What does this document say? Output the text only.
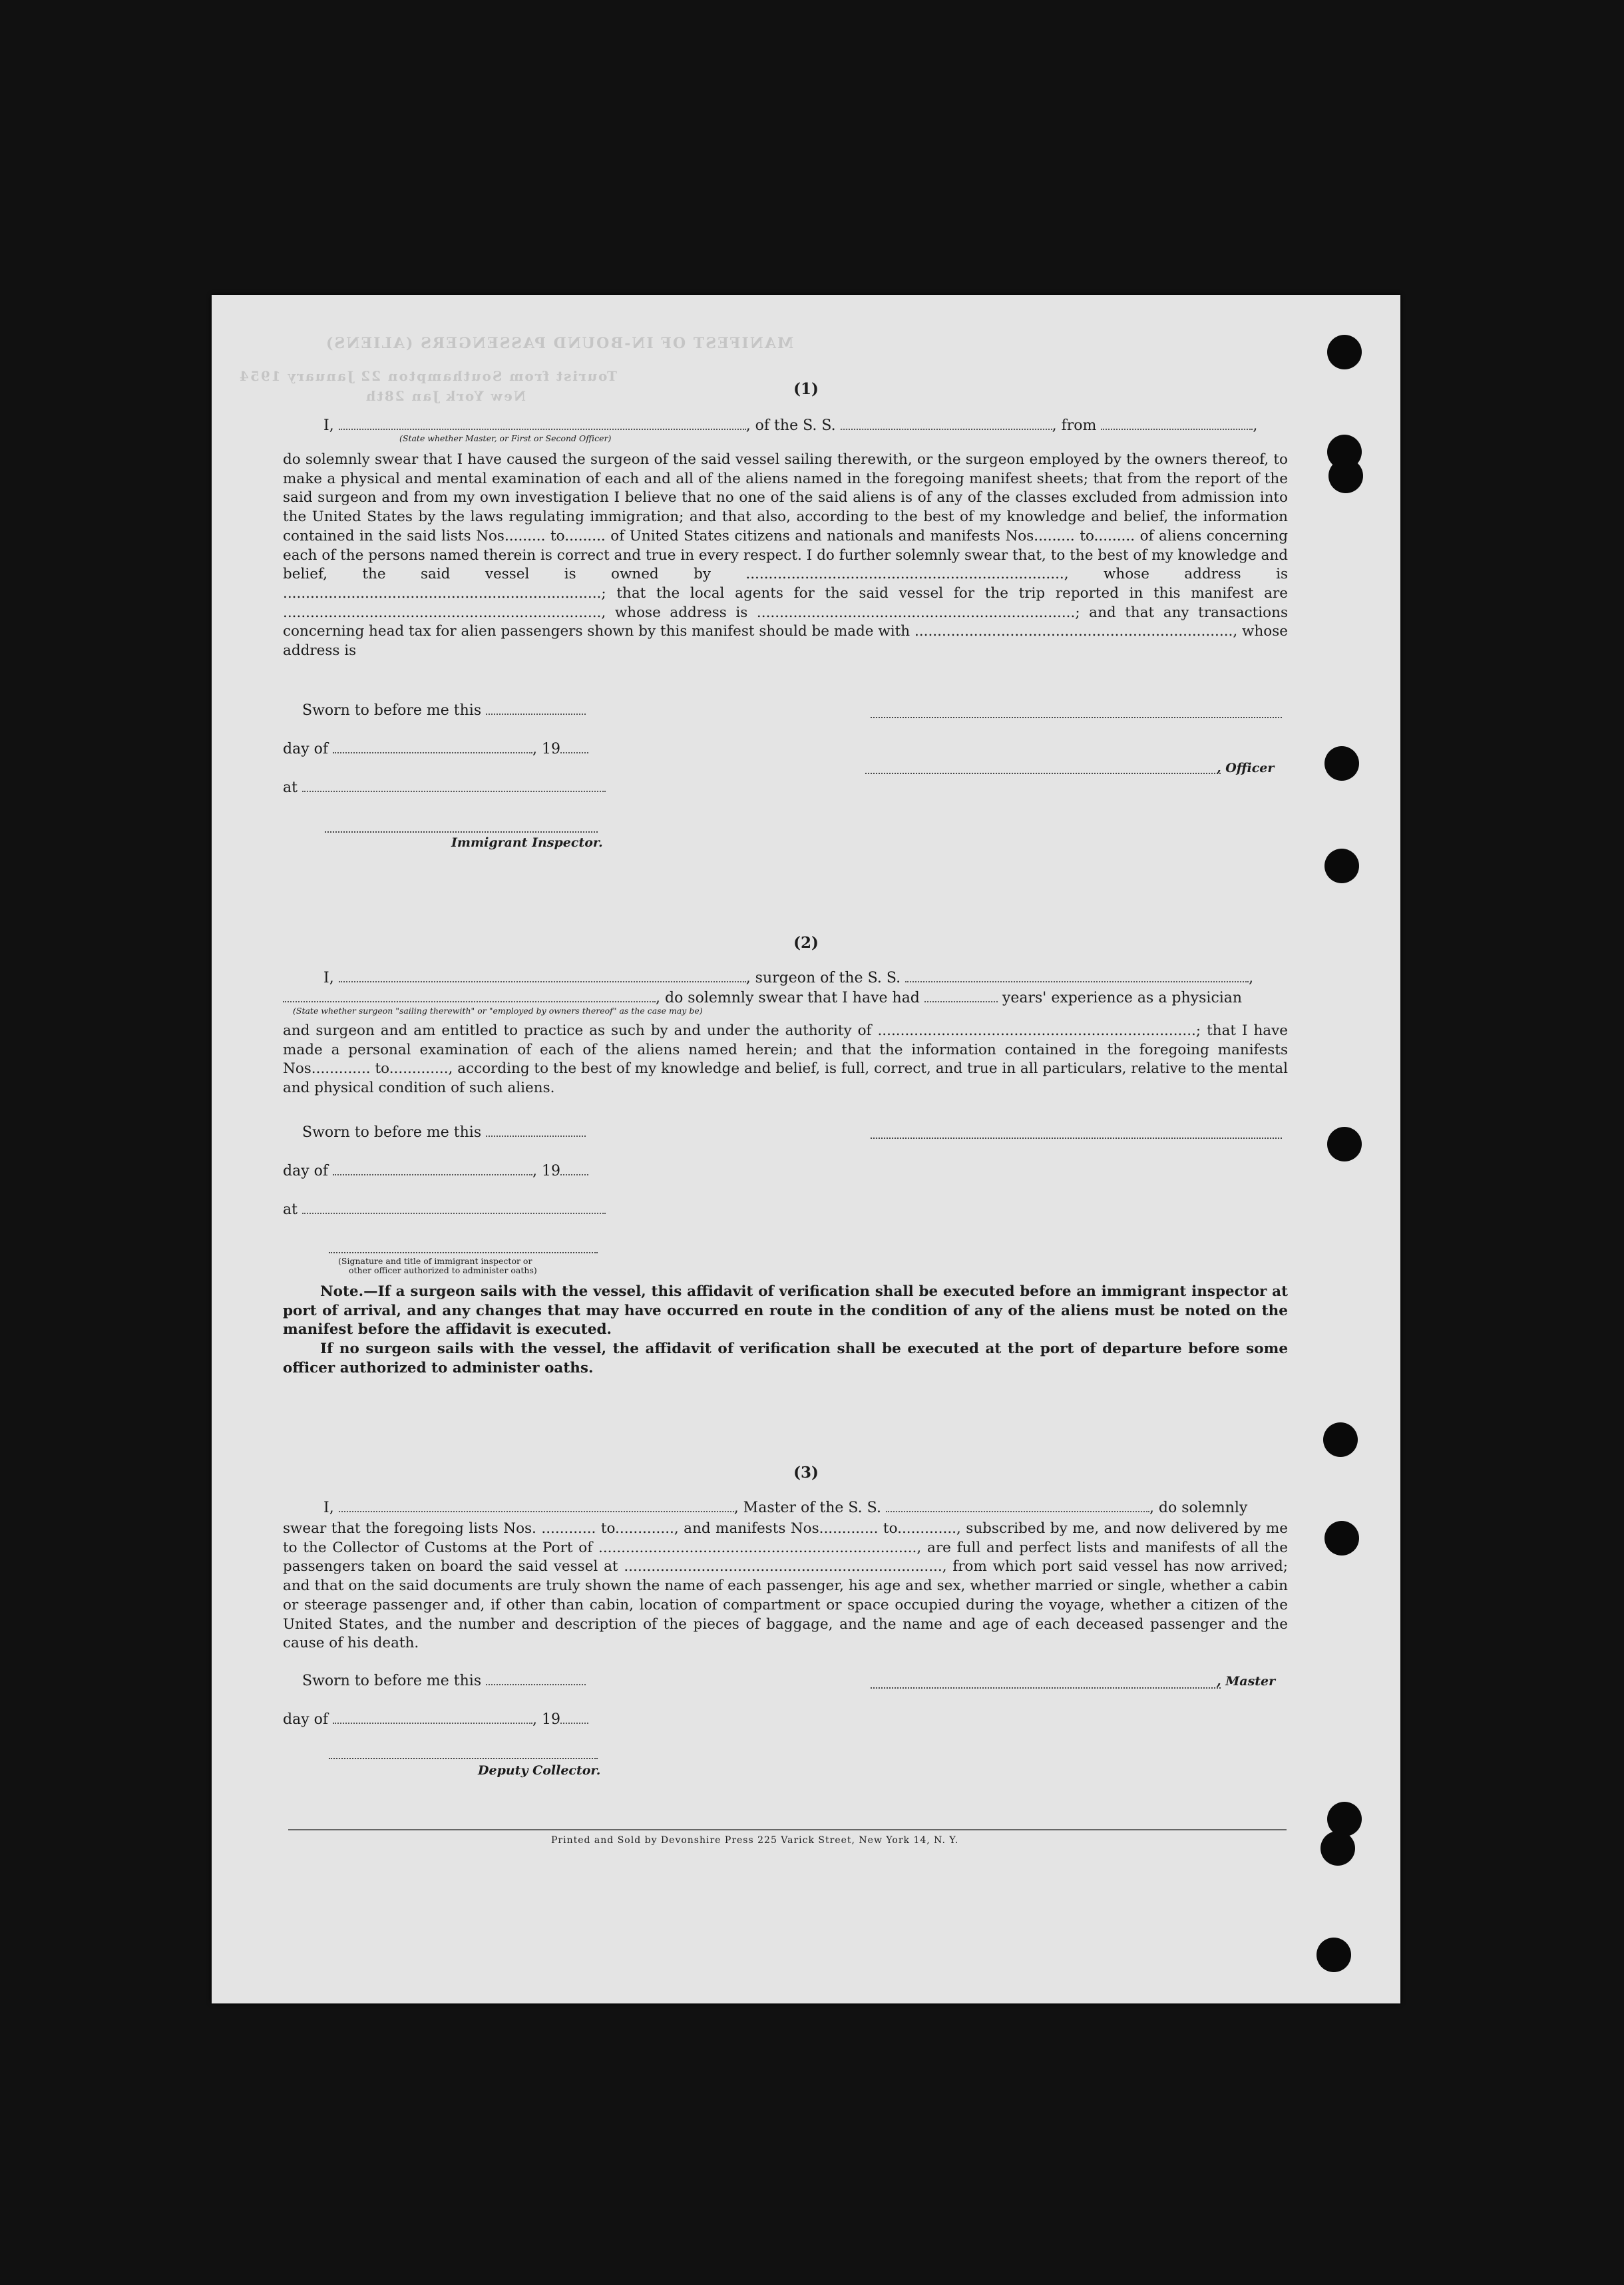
MANIFEST OF IN-BOUND PASSENGERS (ALIENS)
Tourist from Southampton 22 January 1954
New York Jan 28th	(1)
I,	, of the S. S.	, from	,
(State whether Master, or First or Second Officer)

do solemnly swear that I have caused the surgeon of the said vessel sailing therewith, or the surgeon employed by the owners thereof, to make a physical and mental examination of each and all of the aliens named in the foregoing manifest sheets; that from the report of the said surgeon and from my own investigation I believe that no one of the said aliens is of any of the classes excluded from admission into the United States by the laws regulating immigration; and that also, according to the best of my knowledge and belief, the information contained in the said lists Nos......... to......... of United States citizens and nationals and manifests Nos......... to......... of aliens concerning each of the persons named therein is correct and true in every respect. I do further solemnly swear that, to the best of my knowledge and belief, the said vessel is owned by ......................................................................, whose address is ......................................................................; that the local agents for the said vessel for the trip reported in this manifest are ......................................................................, whose address is ......................................................................; and that any transactions concerning head tax for alien passengers shown by this manifest should be made with ......................................................................, whose address is

Sworn to before me this
day of	, 19
, Officer
at
Immigrant Inspector.
(2)
I,	, surgeon of the S. S.	,
, do solemnly swear that I have had	years' experience as a physician
(State whether surgeon "sailing therewith" or "employed by owners thereof" as the case may be)

and surgeon and am entitled to practice as such by and under the authority of ......................................................................; that I have made a personal examination of each of the aliens named herein; and that the information contained in the foregoing manifests Nos............. to............., according to the best of my knowledge and belief, is full, correct, and true in all particulars, relative to the mental and physical condition of such aliens.

Sworn to before me this
day of	, 19
at
(Signature and title of immigrant inspector or
other officer authorized to administer oaths)

Note.—If a surgeon sails with the vessel, this affidavit of verification shall be executed before an immigrant inspector at port of arrival, and any changes that may have occurred en route in the condition of any of the aliens must be noted on the manifest before the affidavit is executed.

If no surgeon sails with the vessel, the affidavit of verification shall be executed at the port of departure before some officer authorized to administer oaths.

(3)
I,	, Master of the S. S.	, do solemnly

swear that the foregoing lists Nos. ............ to............., and manifests Nos............. to............., subscribed by me, and now delivered by me to the Collector of Customs at the Port of ......................................................................, are full and perfect lists and manifests of all the passengers taken on board the said vessel at ......................................................................, from which port said vessel has now arrived; and that on the said documents are truly shown the name of each passenger, his age and sex, whether married or single, whether a cabin or steerage passenger and, if other than cabin, location of compartment or space occupied during the voyage, whether a citizen of the United States, and the number and description of the pieces of baggage, and the name and age of each deceased passenger and the cause of his death.

Sworn to before me this	, Master
day of	, 19
Deputy Collector.
Printed and Sold by Devonshire Press 225 Varick Street, New York 14, N. Y.
